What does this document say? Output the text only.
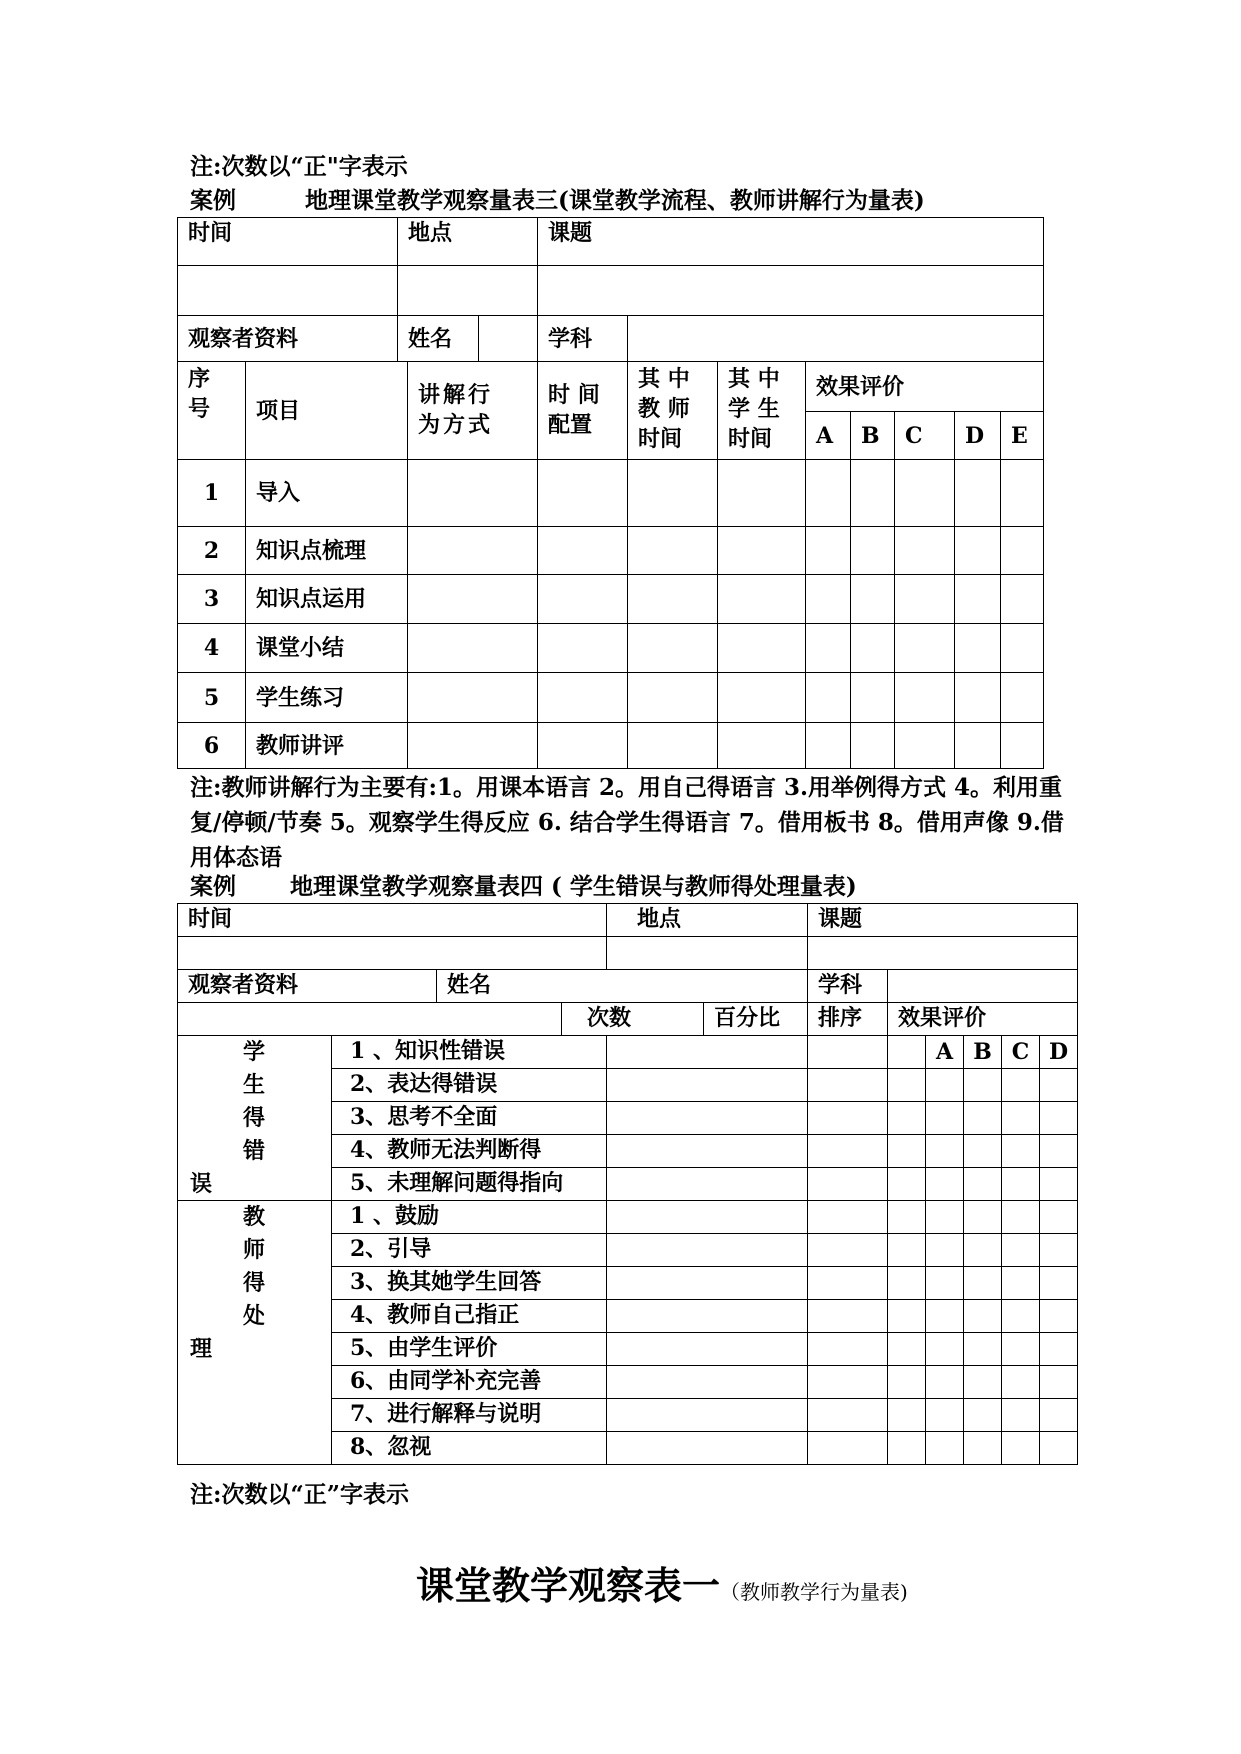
注:次数以“正"字表示
案例　　　地理课堂教学观察量表三(课堂教学流程、教师讲解行为量表)
时间		地点		课题							

观察者资料		姓名		学科							

序号	项目		讲解行为方式	时 间配置	其 中教 师时间	其 中学 生时间	效果评价				
							A	B	C	D	E
1	导入										
2	知识点梳理										
3	知识点运用										
4	课堂小结										
5	学生练习										
6	教师讲评										
注:教师讲解行为主要有:1。用课本语言 2。用自己得语言 3.用举例得方式 4。利用重复/停顿/节奏 5。观察学生得反应 6. 结合学生得语言 7。借用板书 8。借用声像 9.借用体态语
案例　　 地理课堂教学观察量表四 ( 学生错误与教师得处理量表)
时间				地点		课题						

观察者资料		姓名				学科						
			次数		百分比	排序	效果评价					

学
生
得
错
误	1 、知识性错误							A	B	C	D	
	2、表达得错误											
	3、思考不全面											
	4、教师无法判断得											
	5、未理解问题得指向											

教
师
得
处
理	1 、鼓励											
	2、引导											
	3、换其她学生回答											
	4、教师自己指正											
	5、由学生评价											
	6、由同学补充完善											
	7、进行解释与说明											
	8、忽视											
注:次数以“正”字表示
课堂教学观察表一（教师教学行为量表)
